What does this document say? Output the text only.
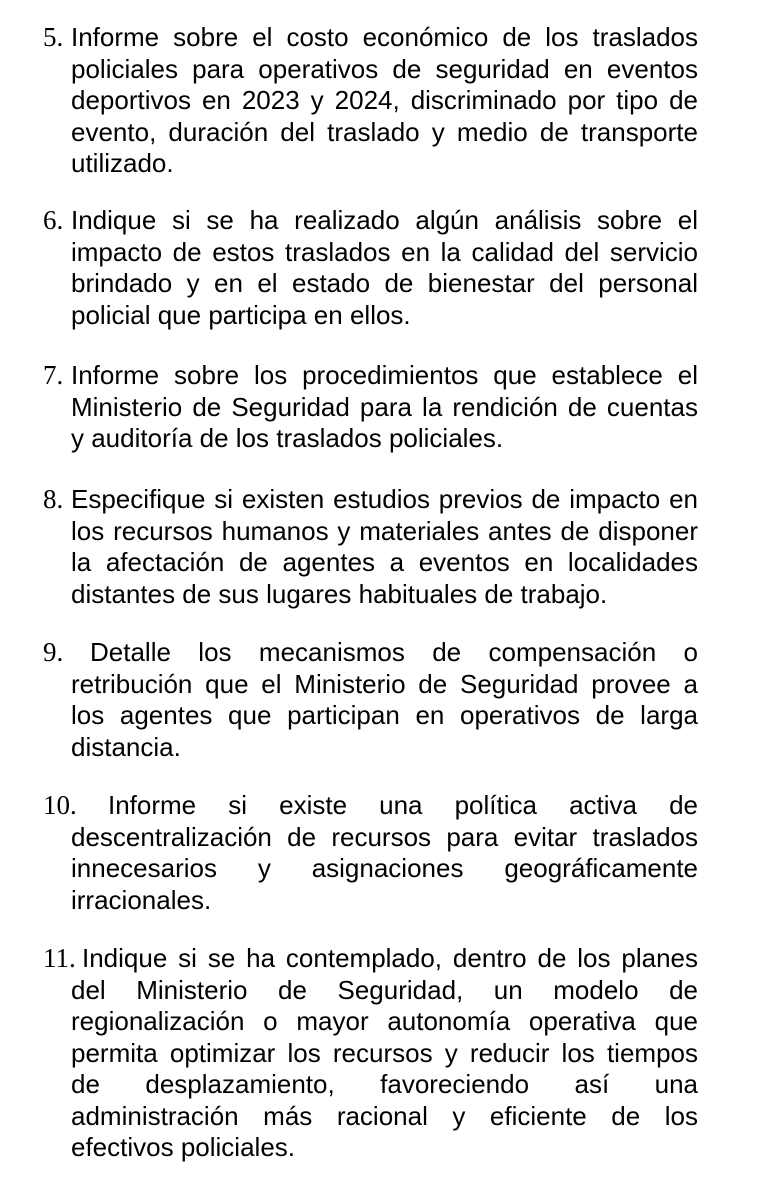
5. Informe sobre el costo económico de los traslados
policiales para operativos de seguridad en eventos
deportivos en 2023 y 2024, discriminado por tipo de
evento, duración del traslado y medio de transporte
utilizado.
6. Indique si se ha realizado algún análisis sobre el
impacto de estos traslados en la calidad del servicio
brindado y en el estado de bienestar del personal
policial que participa en ellos.
7. Informe sobre los procedimientos que establece el
Ministerio de Seguridad para la rendición de cuentas
y auditoría de los traslados policiales.
8. Especifique si existen estudios previos de impacto en
los recursos humanos y materiales antes de disponer
la afectación de agentes a eventos en localidades
distantes de sus lugares habituales de trabajo.
9. Detalle los mecanismos de compensación o
retribución que el Ministerio de Seguridad provee a
los agentes que participan en operativos de larga
distancia.
10. Informe si existe una política activa de
descentralización de recursos para evitar traslados
innecesarios y asignaciones geográficamente
irracionales.
11. Indique si se ha contemplado, dentro de los planes
del Ministerio de Seguridad, un modelo de
regionalización o mayor autonomía operativa que
permita optimizar los recursos y reducir los tiempos
de desplazamiento, favoreciendo así una
administración más racional y eficiente de los
efectivos policiales.
